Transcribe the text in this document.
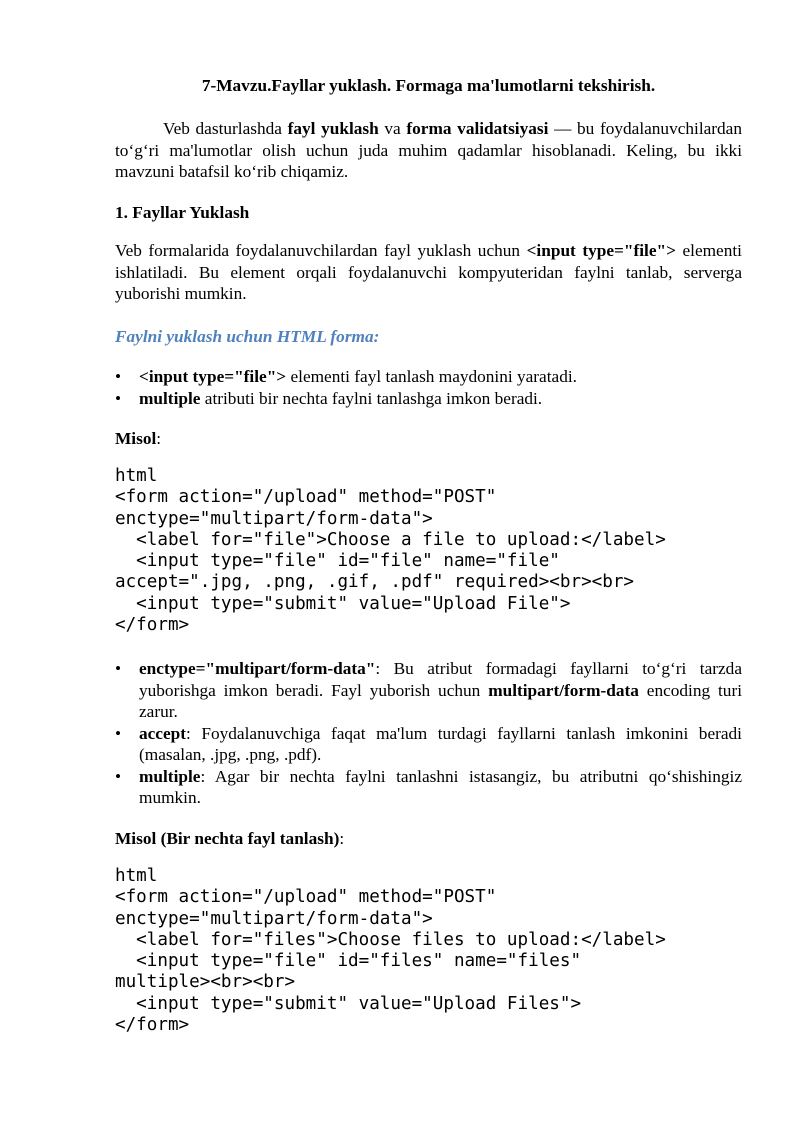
7-Mavzu.Fayllar yuklash. Formaga ma'lumotlarni tekshirish.

Veb dasturlashda fayl yuklash va forma validatsiyasi — bu foydalanuvchilardan to‘g‘ri ma'lumotlar olish uchun juda muhim qadamlar hisoblanadi. Keling, bu ikki mavzuni batafsil ko‘rib chiqamiz.

1. Fayllar Yuklash

Veb formalarida foydalanuvchilardan fayl yuklash uchun <input type="file"> elementi ishlatiladi. Bu element orqali foydalanuvchi kompyuteridan faylni tanlab, serverga yuborishi mumkin.

Faylni yuklash uchun HTML forma:

• <input type="file"> elementi fayl tanlash maydonini yaratadi.
• multiple atributi bir nechta faylni tanlashga imkon beradi.

Misol:

html
<form action="/upload" method="POST"
enctype="multipart/form-data">
<label for="file">Choose a file to upload:</label>
<input type="file" id="file" name="file"
accept=".jpg, .png, .gif, .pdf" required><br><br>
<input type="submit" value="Upload File">
</form>
• enctype="multipart/form-data": Bu atribut formadagi fayllarni to‘g‘ri tarzda yuborishga imkon beradi. Fayl yuborish uchun multipart/form-data encoding turi zarur.
• accept: Foydalanuvchiga faqat ma'lum turdagi fayllarni tanlash imkonini beradi (masalan, .jpg, .png, .pdf).
• multiple: Agar bir nechta faylni tanlashni istasangiz, bu atributni qo‘shishingiz mumkin.

Misol (Bir nechta fayl tanlash):

html
<form action="/upload" method="POST"
enctype="multipart/form-data">
<label for="files">Choose files to upload:</label>
<input type="file" id="files" name="files"
multiple><br><br>
<input type="submit" value="Upload Files">
</form>
